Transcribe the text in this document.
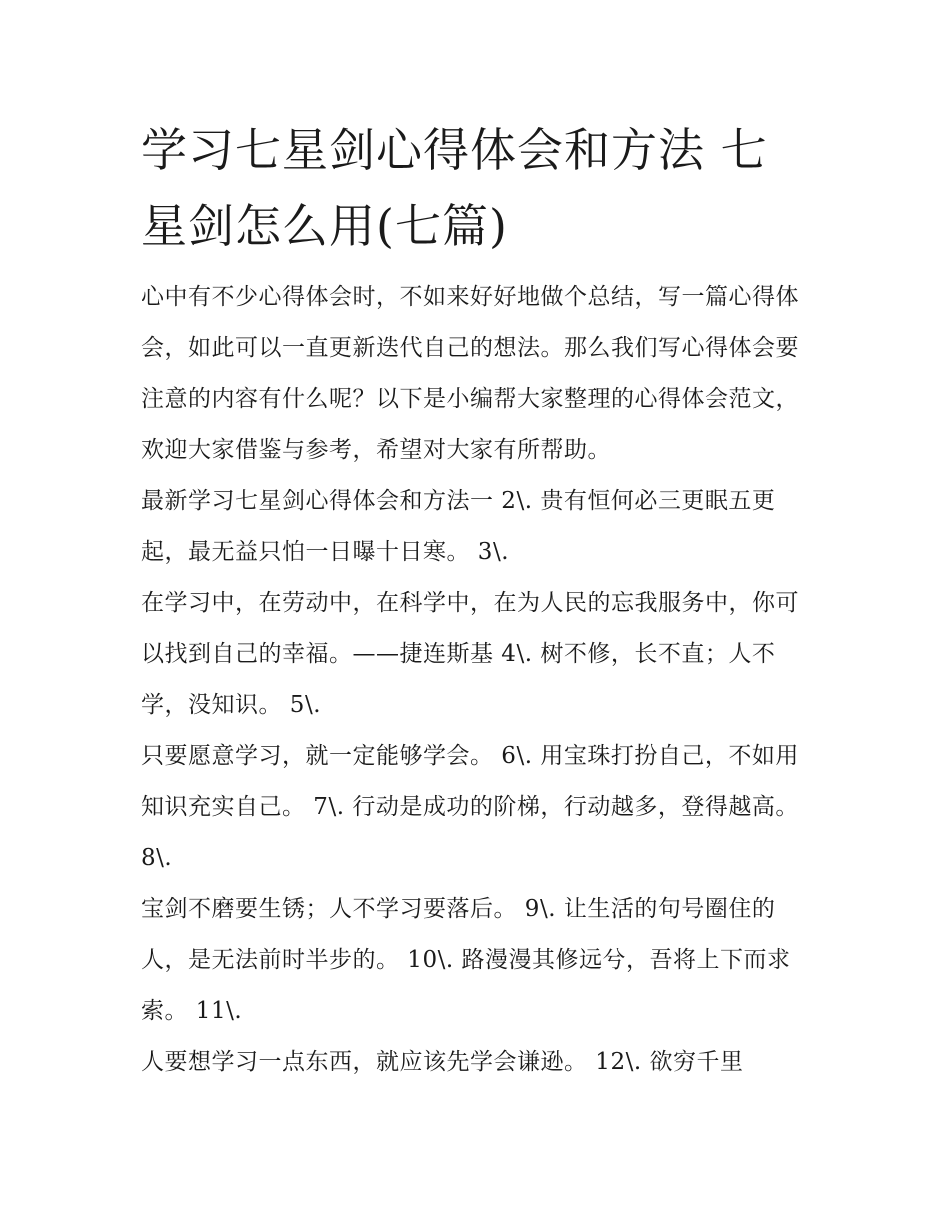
学习七星剑心得体会和方法 七星剑怎么用(七篇)

心中有不少心得体会时，不如来好好地做个总结，写一篇心得体会，如此可以一直更新迭代自己的想法。那么我们写心得体会要注意的内容有什么呢？以下是小编帮大家整理的心得体会范文，欢迎大家借鉴与参考，希望对大家有所帮助。

最新学习七星剑心得体会和方法一 2\. 贵有恒何必三更眠五更起，最无益只怕一日曝十日寒。 3\.

在学习中，在劳动中，在科学中，在为人民的忘我服务中，你可以找到自己的幸福。——捷连斯基 4\. 树不修，长不直；人不学，没知识。 5\.

只要愿意学习，就一定能够学会。 6\. 用宝珠打扮自己，不如用知识充实自己。 7\. 行动是成功的阶梯，行动越多，登得越高。 8\.

宝剑不磨要生锈；人不学习要落后。 9\. 让生活的句号圈住的人，是无法前时半步的。 10\. 路漫漫其修远兮，吾将上下而求索。 11\.

人要想学习一点东西，就应该先学会谦逊。 12\. 欲穷千里
